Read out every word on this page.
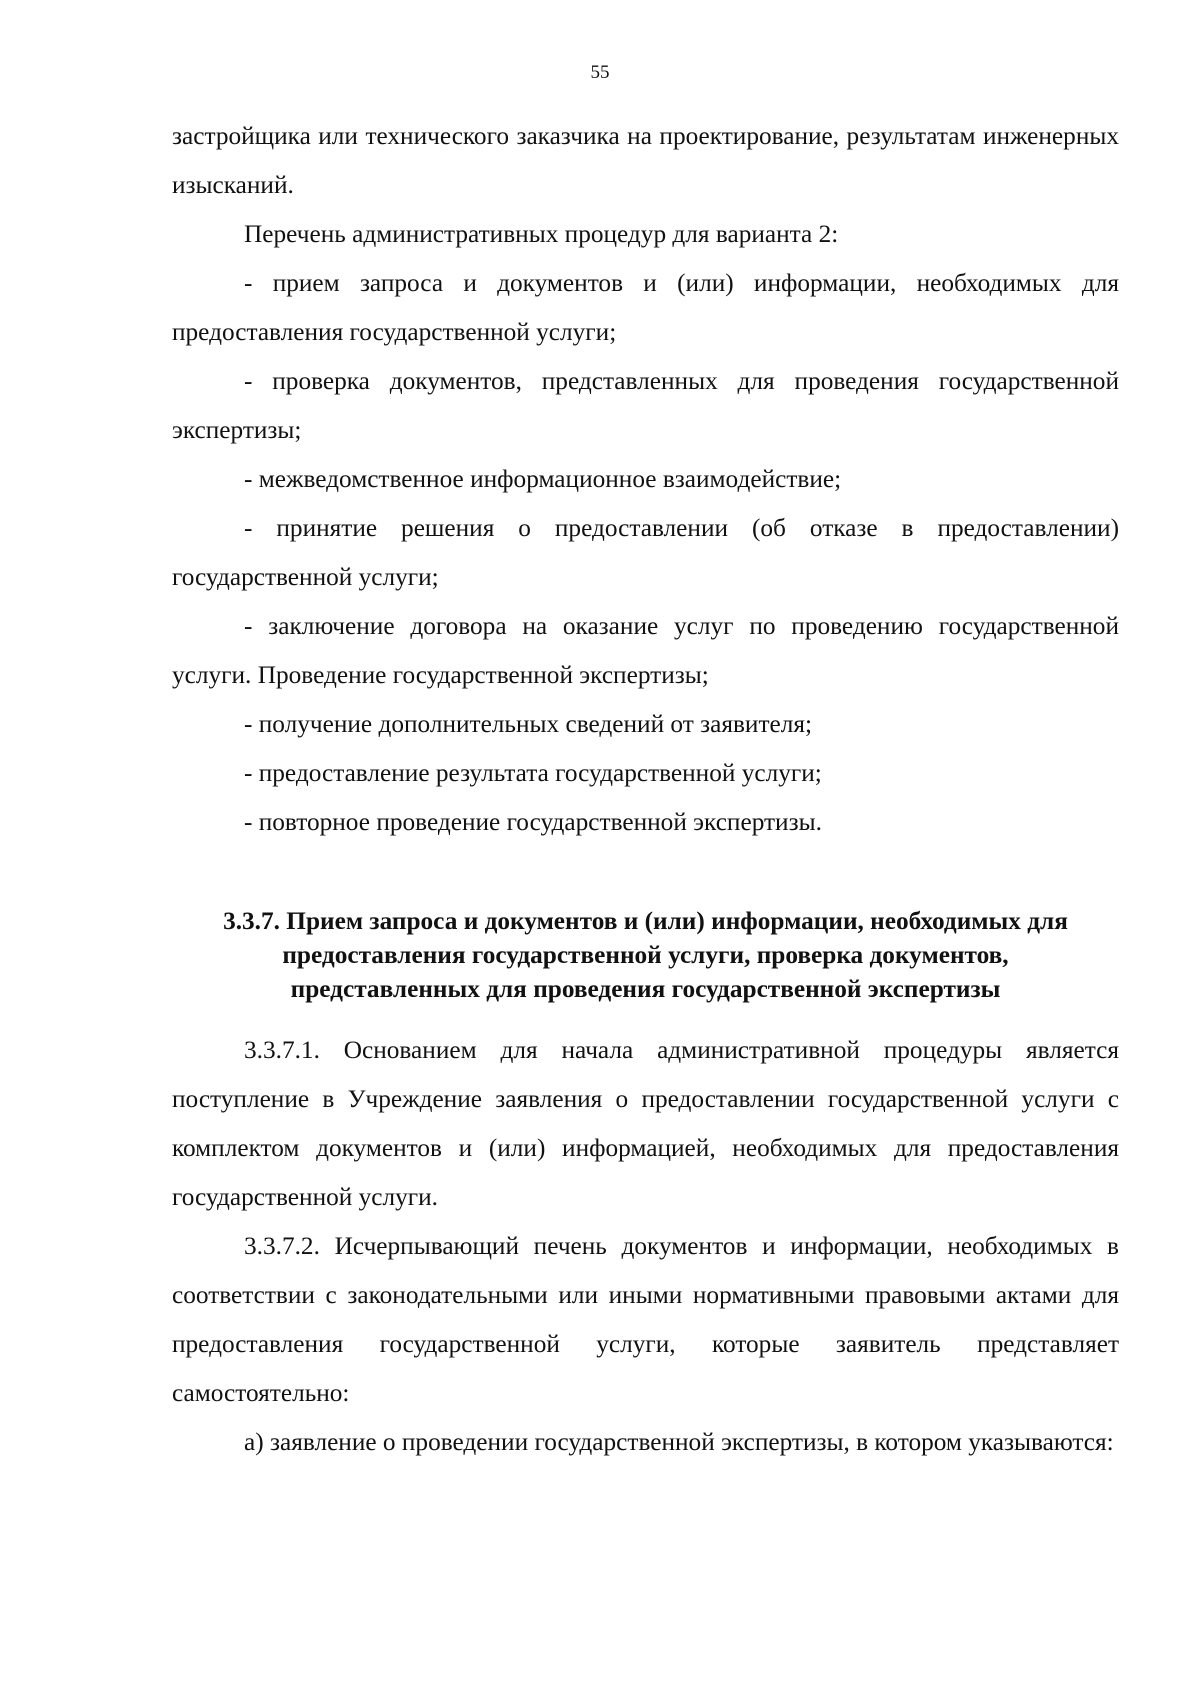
55

застройщика или технического заказчика на проектирование, результатам инженерных изысканий.

Перечень административных процедур для варианта 2:

- прием запроса и документов и (или) информации, необходимых для предоставления государственной услуги;

- проверка документов, представленных для проведения государственной экспертизы;

- межведомственное информационное взаимодействие;

- принятие решения о предоставлении (об отказе в предоставлении) государственной услуги;

- заключение договора на оказание услуг по проведению государственной услуги. Проведение государственной экспертизы;

- получение дополнительных сведений от заявителя;

- предоставление результата государственной услуги;

- повторное проведение государственной экспертизы.

3.3.7. Прием запроса и документов и (или) информации, необходимых для предоставления государственной услуги, проверка документов, представленных для проведения государственной экспертизы

3.3.7.1. Основанием для начала административной процедуры является поступление в Учреждение заявления о предоставлении государственной услуги с комплектом документов и (или) информацией, необходимых для предоставления государственной услуги.

3.3.7.2. Исчерпывающий печень документов и информации, необходимых в соответствии с законодательными или иными нормативными правовыми актами для предоставления государственной услуги, которые заявитель представляет самостоятельно:

а) заявление о проведении государственной экспертизы, в котором указываются:
